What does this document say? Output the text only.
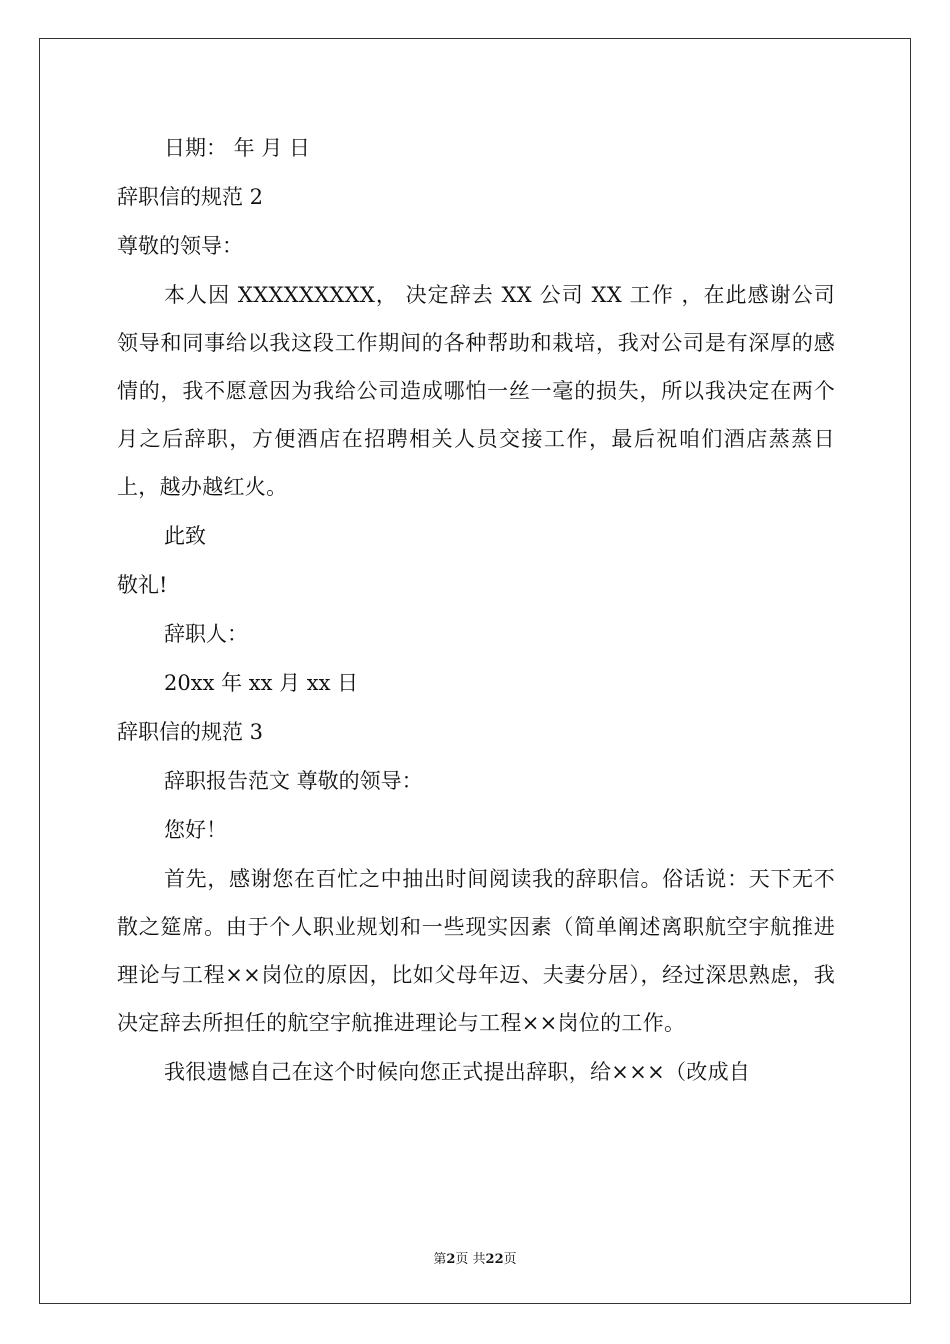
日期： 年 月 日
辞职信的规范 2
尊敬的领导：
本人因 XXXXXXXXX， 决定辞去 XX 公司 XX 工作 ，在此感谢公司领导和同事给以我这段工作期间的各种帮助和栽培，我对公司是有深厚的感情的，我不愿意因为我给公司造成哪怕一丝一毫的损失，所以我决定在两个月之后辞职，方便酒店在招聘相关人员交接工作，最后祝咱们酒店蒸蒸日上，越办越红火。
此致
敬礼!
辞职人：
20xx 年 xx 月 xx 日
辞职信的规范 3
辞职报告范文 尊敬的领导：
您好！
首先，感谢您在百忙之中抽出时间阅读我的辞职信。俗话说：天下无不散之筵席。由于个人职业规划和一些现实因素（简单阐述离职航空宇航推进理论与工程××岗位的原因，比如父母年迈、夫妻分居），经过深思熟虑，我决定辞去所担任的航空宇航推进理论与工程××岗位的工作。
我很遗憾自己在这个时候向您正式提出辞职，给×××（改成自
第2页 共22页
